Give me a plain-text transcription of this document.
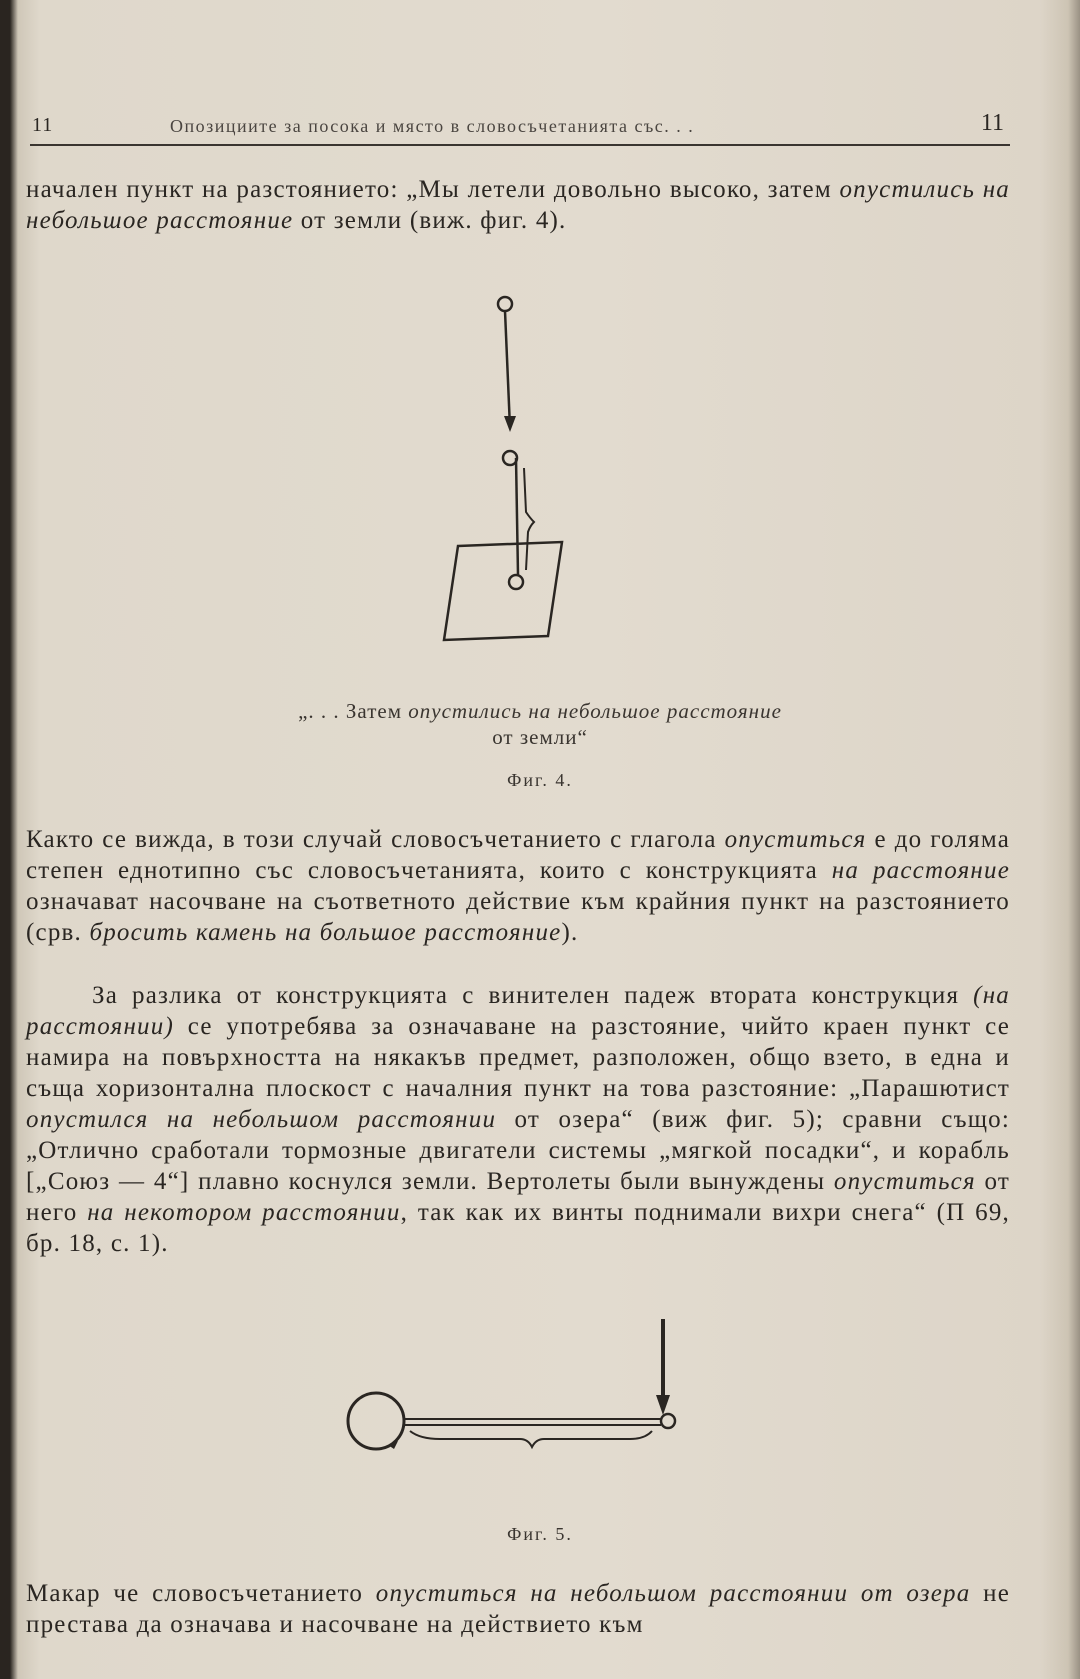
11	Опозициите за посока и място в словосъчетанията със. . .	11

начален пункт на разстоянието: „Мы летели довольно высоко, затем опустились на небольшое расстояние от земли (виж. фиг. 4).

„. . . Затем опустились на небольшое расстояние
от земли“
Фиг. 4.

Както се вижда, в този случай словосъчетанието с глагола опуститься е до голяма степен еднотипно със словосъчетанията, които с конструкцията на расстояние означават насочване на съответното действие към крайния пункт на разстоянието (срв. бросить камень на большое расстояние).

За разлика от конструкцията с винителен падеж втората конструкция (на расстоянии) се употребява за означаване на разстояние, чийто краен пункт се намира на повърхността на някакъв предмет, разположен, общо взето, в една и съща хоризонтална плоскост с началния пункт на това разстояние: „Парашютист опустился на небольшом расстоянии от озера“ (виж фиг. 5); сравни също: „Отлично сработали тормозные двигатели системы „мягкой посадки“, и корабль [„Союз — 4“] плавно коснулся земли. Вертолеты были вынуждены опуститься от него на некотором расстоянии, так как их винты поднимали вихри снега“ (П 69, бр. 18, с. 1).

Фиг. 5.

Макар че словосъчетанието опуститься на небольшом расстоянии от озера не престава да означава и насочване на действието към
